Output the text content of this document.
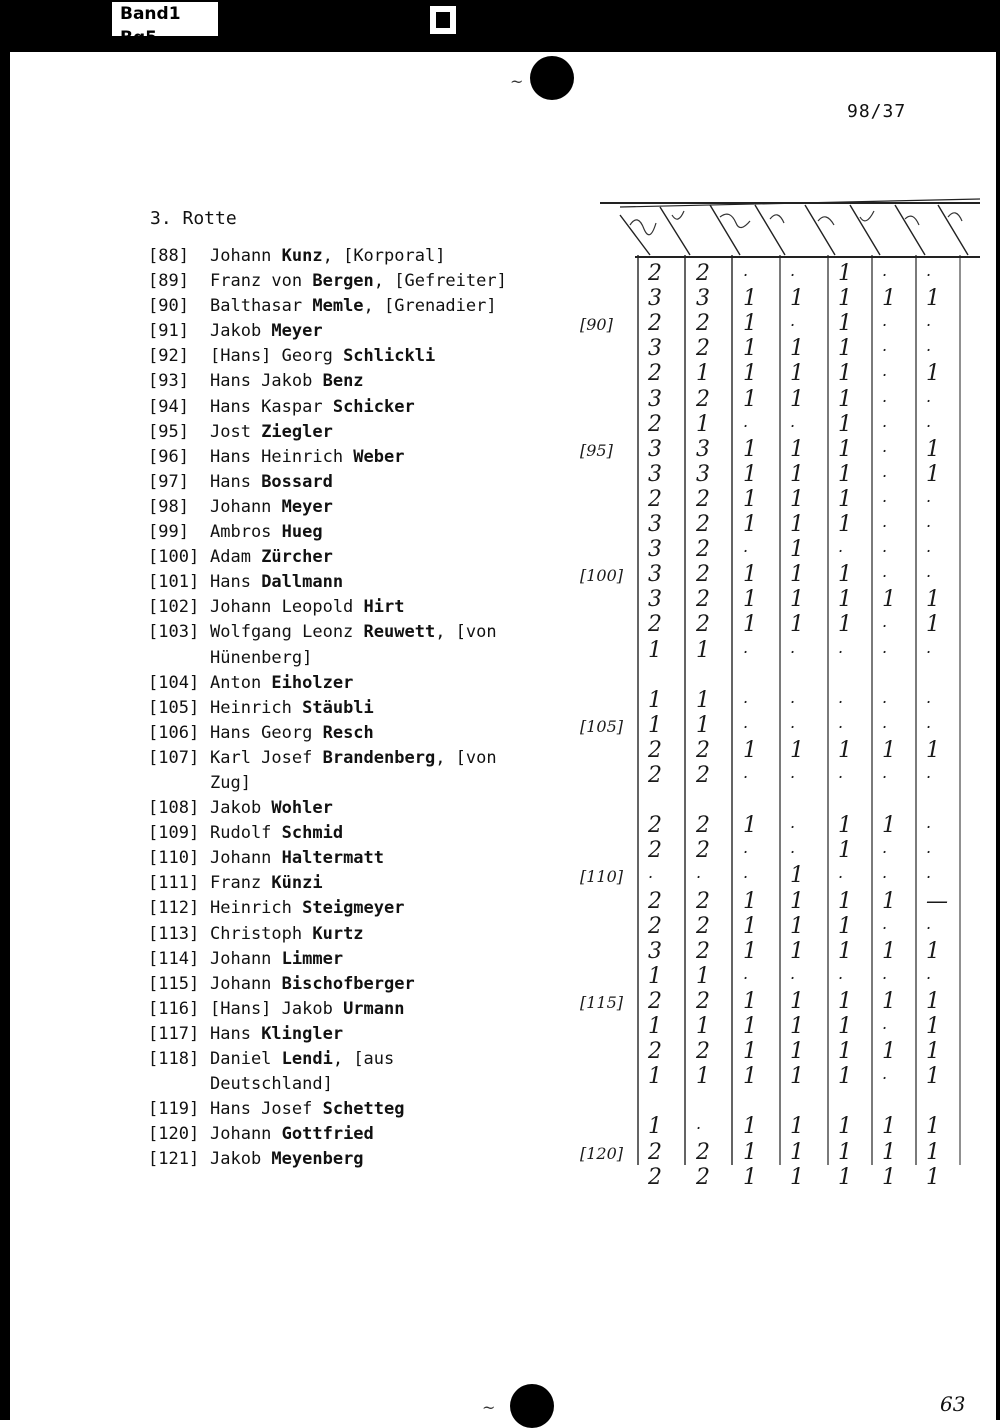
Band1 Bg5
~
~
98/37
3. Rotte
[88] Johann Kunz, [Korporal]
[89] Franz von Bergen, [Gefreiter]
[90] Balthasar Memle, [Grenadier]
[91] Jakob Meyer
[92] [Hans] Georg Schlickli
[93] Hans Jakob Benz
[94] Hans Kaspar Schicker
[95] Jost Ziegler
[96] Hans Heinrich Weber
[97] Hans Bossard
[98] Johann Meyer
[99] Ambros Hueg
[100] Adam Zürcher
[101] Hans Dallmann
[102] Johann Leopold Hirt
[103] Wolfgang Leonz Reuwett, [von
Hünenberg]
[104] Anton Eiholzer
[105] Heinrich Stäubli
[106] Hans Georg Resch
[107] Karl Josef Brandenberg, [von
Zug]
[108] Jakob Wohler
[109] Rudolf Schmid
[110] Johann Haltermatt
[111] Franz Künzi
[112] Heinrich Steigmeyer
[113] Christoph Kurtz
[114] Johann Limmer
[115] Johann Bischofberger
[116] [Hans] Jakob Urmann
[117] Hans Klingler
[118] Daniel Lendi, [aus
Deutschland]
[119] Hans Josef Schetteg
[120] Johann Gottfried
[121] Jakob Meyenberg
2 2 .	. 1 . .
3 3 1 1 1 1 1
2 2 1 . 1 . .
3 2 1 1 1 . .
2 1 1 1 1 . 1
3 2 1 1 1 . .
2 1 .	. 1 . .
3 3 1 1 1 . 1
3 3 1 1 1 . 1
2 2 1 1 1 . .
3 2 1 1 1 . .
3 2 . 1 . . .
3 2 1 1 1 . .
3 2 1 1 1 1 1
2 2 1 1 1 . 1
1 1 .	.	. . .
1 1 .	.	. . .
1 1 .	.	. . .
2 2 1 1 1 1 1
2 2 .	.	. . .
2 2 1 . 1 1 .
2 2 .	. 1 . .
.	.	. 1 . . .
2 2 1 1 1 1 —
2 2 1 1 1 . .
3 2 1 1 1 1 1
1 1 .	.	. . .
2 2 1 1 1 1 1
1 1 1 1 1 . 1
2 2 1 1 1 1 1
1 1 1 1 1 . 1
1 . 1 1 1 1 1
2 2 1 1 1 1 1
2 2 1 1 1 1 1
[90]
[95]
[100]
[105]
[110]
[115]
[120]
63
